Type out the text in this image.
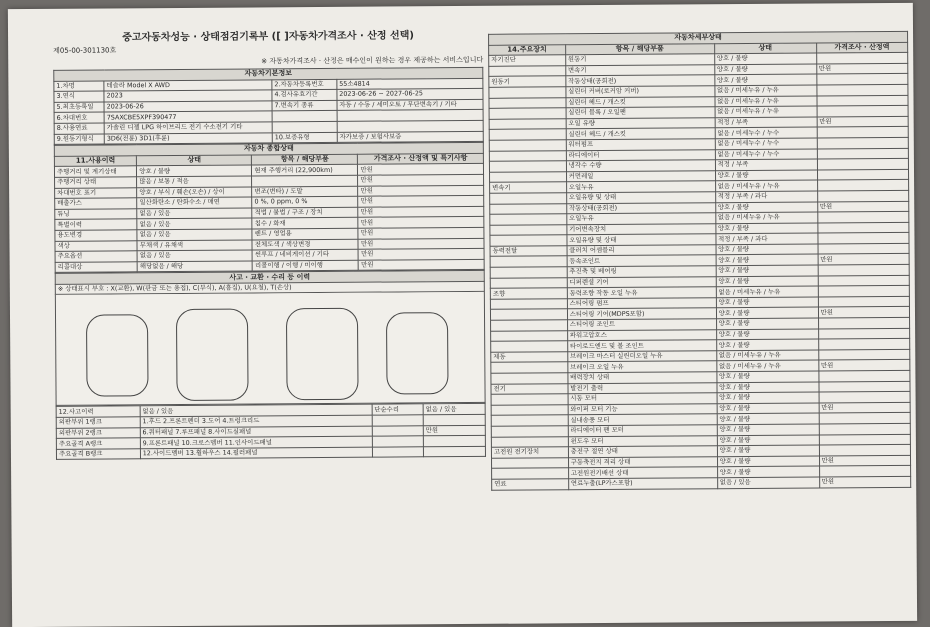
중고자동차성능 · 상태점검기록부 ([ ]자동차가격조사 · 산정 선택)
제05-00-301130호
※ 자동차가격조사 · 산정은 매수인이 원하는 경우 제공하는 서비스입니다
자동차기본정보			
1.차명	테슬라 Model X AWD	2.자동차등록번호	55소4814
3.연식	2023	4.검사유효기간	2023-06-26 ~ 2027-06-25
5.최초등록일	2023-06-26	7.변속기 종류	자동 / 수동 / 세미오토 / 무단변속기 / 기타
6.차대번호	7SAXCBE5XPF390477		
8.사용연료	가솔린 디젤 LPG 하이브리드 전기 수소전기 기타		
9.원동기형식	3D6(전륜) 3D1(후륜)	10.보증유형	자가보증 / 보험사보증
자동차 종합상태			
11.사용이력	상태	항목 / 해당부품	가격조사 · 산정액 및 특기사항
주행거리 및 계기상태	양호 / 불량	현재 주행거리 (22,900km)	만원
주행거리 상태	많음 / 보통 / 적음		만원
차대번호 표기	양호 / 부식 / 훼손(오손) / 상이	변조(변타) / 도말	만원
배출가스	일산화탄소 / 탄화수소 / 매연	0 %, 0 ppm, 0 %	만원
튜닝	없음 / 있음	적법 / 불법 / 구조 / 장치	만원
특별이력	없음 / 있음	침수 / 화재	만원
용도변경	없음 / 있음	렌트 / 영업용	만원
색상	무채색 / 유채색	전체도색 / 색상변경	만원
주요옵션	없음 / 있음	썬루프 / 네비게이션 / 기타	만원
리콜대상	해당없음 / 해당	리콜이행 / 이행 / 미이행	만원
사고 · 교환 · 수리 등 이력
※ 상태표시 부호 : X(교환), W(판금 또는 용접), C(부식), A(흠집), U(요철), T(손상)
12.사고이력	없음 / 있음	단순수리	없음 / 있음
외판부위 1랭크	1.후드 2.프론트펜더 3.도어 4.트렁크리드		
외판부위 2랭크	6.쿼터패널 7.루프패널 8.사이드실패널		만원
주요골격 A랭크	9.프론트패널 10.크로스멤버 11.인사이드패널		
주요골격 B랭크	12.사이드멤버 13.휠하우스 14.필러패널		
자동차세부상태			
14.주요장치	항목 / 해당부품	상태	가격조사 · 산정액
자기진단	원동기	양호 / 불량	
	변속기	양호 / 불량	만원
원동기	작동상태(공회전)	양호 / 불량	
	실린더 커버(로커암 커버)	없음 / 미세누유 / 누유	
	실린더 헤드 / 개스킷	없음 / 미세누유 / 누유	
	실린더 블록 / 오일팬	없음 / 미세누유 / 누유	
	오일 유량	적정 / 부족	만원
	실린더 헤드 / 개스킷	없음 / 미세누수 / 누수	
	워터펌프	없음 / 미세누수 / 누수	
	라디에이터	없음 / 미세누수 / 누수	
	냉각수 수량	적정 / 부족	
	커먼레일	양호 / 불량	
변속기	오일누유	없음 / 미세누유 / 누유	
	오일유량 및 상태	적정 / 부족 / 과다	
	작동상태(공회전)	양호 / 불량	만원
	오일누유	없음 / 미세누유 / 누유	
	기어변속장치	양호 / 불량	
	오일유량 및 상태	적정 / 부족 / 과다	
동력전달	클러치 어셈블리	양호 / 불량	
	등속조인트	양호 / 불량	만원
	추진축 및 베어링	양호 / 불량	
	디퍼렌셜 기어	양호 / 불량	
조향	동력조향 작동 오일 누유	없음 / 미세누유 / 누유	
	스티어링 펌프	양호 / 불량	
	스티어링 기어(MDPS포함)	양호 / 불량	만원
	스티어링 조인트	양호 / 불량	
	파워고압호스	양호 / 불량	
	타이로드엔드 및 볼 조인트	양호 / 불량	
제동	브레이크 마스터 실린더오일 누유	없음 / 미세누유 / 누유	
	브레이크 오일 누유	없음 / 미세누유 / 누유	만원
	배력장치 상태	양호 / 불량	
전기	발전기 출력	양호 / 불량	
	시동 모터	양호 / 불량	
	와이퍼 모터 기능	양호 / 불량	만원
	실내송풍 모터	양호 / 불량	
	라디에이터 팬 모터	양호 / 불량	
	윈도우 모터	양호 / 불량	
고전원 전기장치	충전구 절연 상태	양호 / 불량	
	구동축전지 격리 상태	양호 / 불량	만원
	고전원전기배선 상태	양호 / 불량	
연료	연료누출(LP가스포함)	없음 / 있음	만원
